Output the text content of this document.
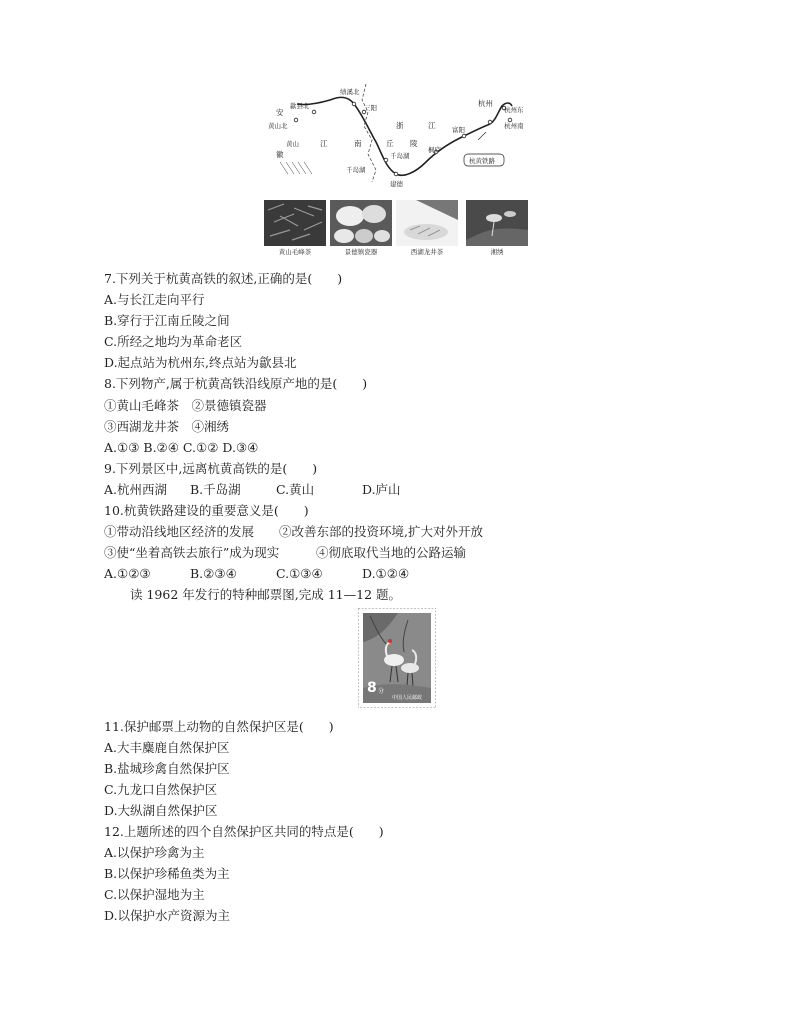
安
徽
黄山北
歙县北
黄山
绩溪北
三阳
江	南	丘 陵
浙	江
千岛湖
千岛湖
建德
桐庐
富阳
杭州
杭州东
杭州南
杭黄铁路
黄山毛峰茶	景德镇瓷器	西湖龙井茶	湘绣
7.下列关于杭黄高铁的叙述,正确的是(　　)
A.与长江走向平行
B.穿行于江南丘陵之间
C.所经之地均为革命老区
D.起点站为杭州东,终点站为歙县北
8.下列物产,属于杭黄高铁沿线原产地的是(　　)
①黄山毛峰茶　②景德镇瓷器
③西湖龙井茶　④湘绣
A.①③ B.②④ C.①② D.③④
9.下列景区中,远离杭黄高铁的是(　　)
A.杭州西湖 B.千岛湖	C.黄山	D.庐山
10.杭黄铁路建设的重要意义是(　　)
①带动沿线地区经济的发展　　②改善东部的投资环境,扩大对外开放
③使“坐着高铁去旅行”成为现实	④彻底取代当地的公路运输
A.①②③	B.②③④	C.①③④	D.①②④
读 1962 年发行的特种邮票图,完成 11—12 题。
8 分
中国人民邮政
11.保护邮票上动物的自然保护区是(　　)
A.大丰麋鹿自然保护区
B.盐城珍禽自然保护区
C.九龙口自然保护区
D.大纵湖自然保护区
12.上题所述的四个自然保护区共同的特点是(　　)
A.以保护珍禽为主
B.以保护珍稀鱼类为主
C.以保护湿地为主
D.以保护水产资源为主
